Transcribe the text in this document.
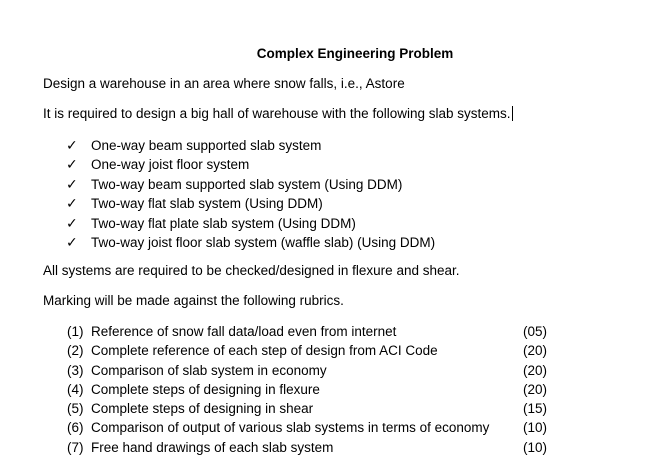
Complex Engineering Problem
Design a warehouse in an area where snow falls, i.e., Astore
It is required to design a big hall of warehouse with the following slab systems.
✓ One-way beam supported slab system
✓ One-way joist floor system
✓ Two-way beam supported slab system (Using DDM)
✓ Two-way flat slab system (Using DDM)
✓ Two-way flat plate slab system (Using DDM)
✓ Two-way joist floor slab system (waffle slab) (Using DDM)
All systems are required to be checked/designed in flexure and shear.
Marking will be made against the following rubrics.
(1) Reference of snow fall data/load even from internet	(05)
(2) Complete reference of each step of design from ACI Code	(20)
(3) Comparison of slab system in economy	(20)
(4) Complete steps of designing in flexure	(20)
(5) Complete steps of designing in shear	(15)
(6) Comparison of output of various slab systems in terms of economy (10)
(7) Free hand drawings of each slab system	(10)
